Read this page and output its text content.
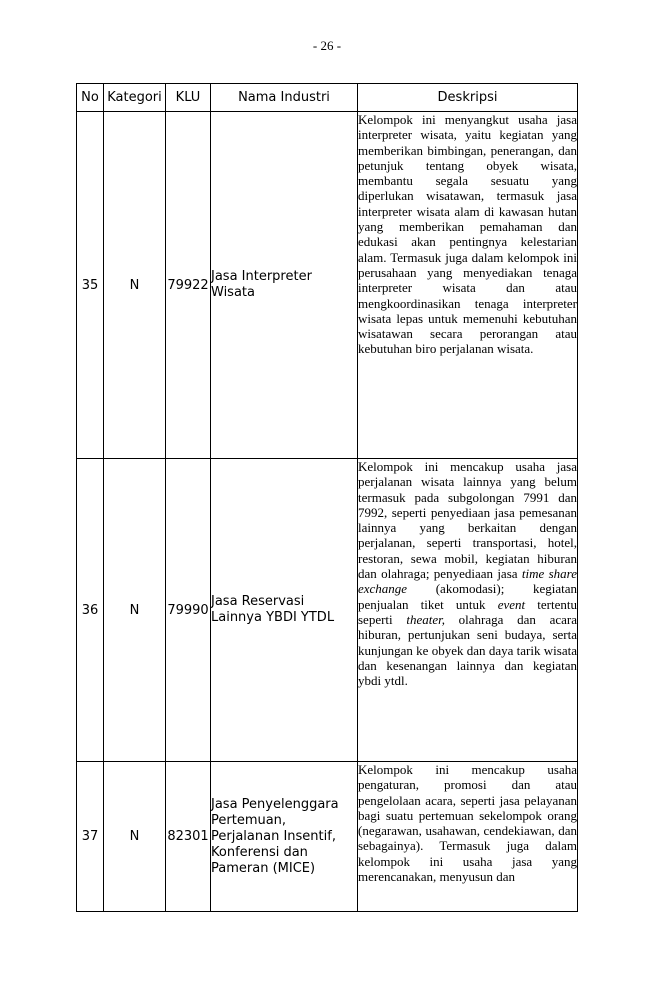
- 26 -
No	Kategori	KLU	Nama Industri	Deskripsi
35	N	79922	Jasa Interpreter Wisata	Kelompok ini menyangkut usaha jasa interpreter wisata, yaitu kegiatan yang memberikan bimbingan, penerangan, dan petunjuk tentang obyek wisata, membantu segala sesuatu yang diperlukan wisatawan, termasuk jasa interpreter wisata alam di kawasan hutan yang memberikan pemahaman dan edukasi akan pentingnya kelestarian alam. Termasuk juga dalam kelompok ini perusahaan yang menyediakan tenaga interpreter wisata dan atau mengkoordinasikan tenaga interpreter wisata lepas untuk memenuhi kebutuhan wisatawan secara perorangan atau kebutuhan biro perjalanan wisata.
36	N	79990	Jasa Reservasi Lainnya YBDI YTDL	Kelompok ini mencakup usaha jasa perjalanan wisata lainnya yang belum termasuk pada subgolongan 7991 dan 7992, seperti penyediaan jasa pemesanan lainnya yang berkaitan dengan perjalanan, seperti transportasi, hotel, restoran, sewa mobil, kegiatan hiburan dan olahraga; penyediaan jasa time share exchange (akomodasi); kegiatan penjualan tiket untuk event tertentu seperti theater, olahraga dan acara hiburan, pertunjukan seni budaya, serta kunjungan ke obyek dan daya tarik wisata dan kesenangan lainnya dan kegiatan ybdi ytdl.

37	N	82301	Jasa Penyelenggara Pertemuan, Perjalanan Insentif, Konferensi dan Pameran (MICE)	Kelompok ini mencakup usaha pengaturan, promosi dan atau pengelolaan acara, seperti jasa pelayanan bagi suatu pertemuan sekelompok orang (negarawan, usahawan, cendekiawan, dan sebagainya). Termasuk juga dalam kelompok ini usaha jasa yang merencanakan, menyusun dan
